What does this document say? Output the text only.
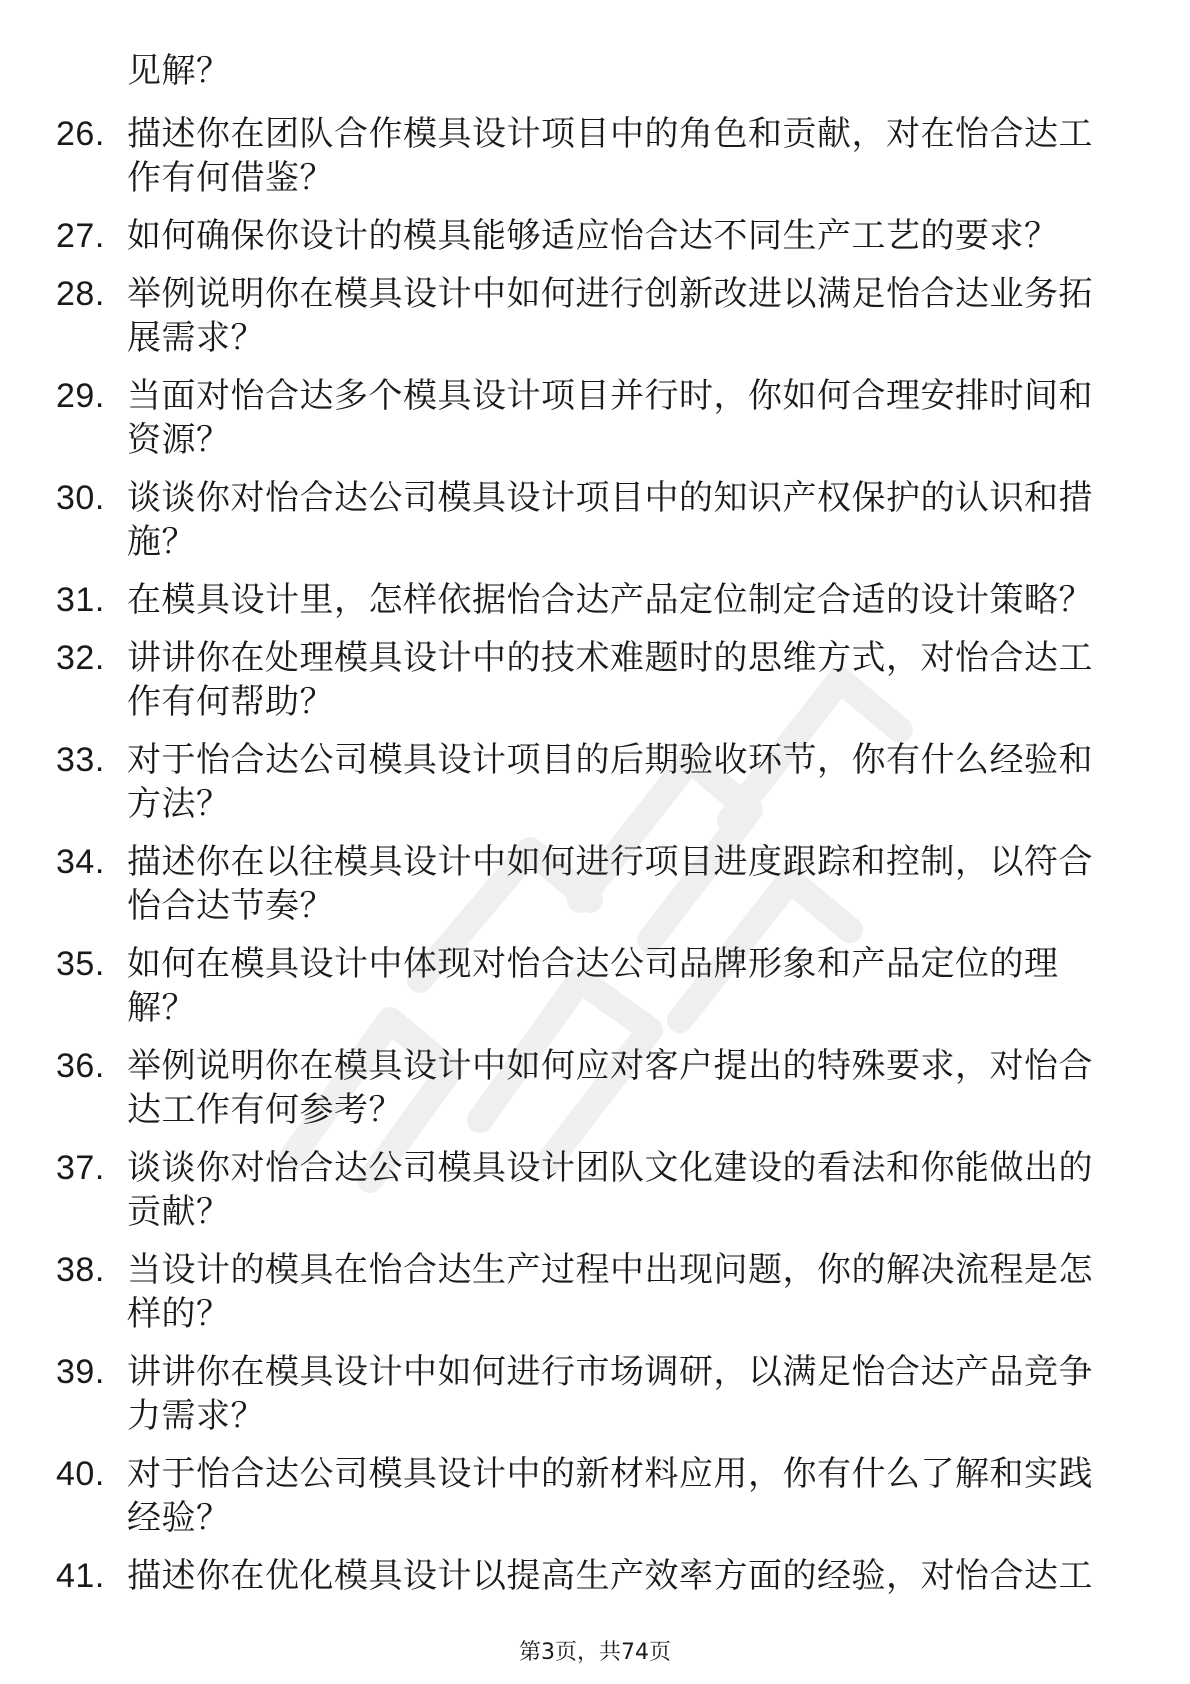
见解？

26. 描述你在团队合作模具设计项目中的角色和贡献，对在怡合达工作有何借鉴？
27. 如何确保你设计的模具能够适应怡合达不同生产工艺的要求？
28. 举例说明你在模具设计中如何进行创新改进以满足怡合达业务拓展需求？
29. 当面对怡合达多个模具设计项目并行时，你如何合理安排时间和资源？
30. 谈谈你对怡合达公司模具设计项目中的知识产权保护的认识和措施？
31. 在模具设计里，怎样依据怡合达产品定位制定合适的设计策略？
32. 讲讲你在处理模具设计中的技术难题时的思维方式，对怡合达工作有何帮助？
33. 对于怡合达公司模具设计项目的后期验收环节，你有什么经验和方法？
34. 描述你在以往模具设计中如何进行项目进度跟踪和控制，以符合怡合达节奏？
35. 如何在模具设计中体现对怡合达公司品牌形象和产品定位的理解？
36. 举例说明你在模具设计中如何应对客户提出的特殊要求，对怡合达工作有何参考？
37. 谈谈你对怡合达公司模具设计团队文化建设的看法和你能做出的贡献？
38. 当设计的模具在怡合达生产过程中出现问题，你的解决流程是怎样的？
39. 讲讲你在模具设计中如何进行市场调研，以满足怡合达产品竞争力需求？
40. 对于怡合达公司模具设计中的新材料应用，你有什么了解和实践经验？
41. 描述你在优化模具设计以提高生产效率方面的经验，对怡合达工
第3页，共74页
